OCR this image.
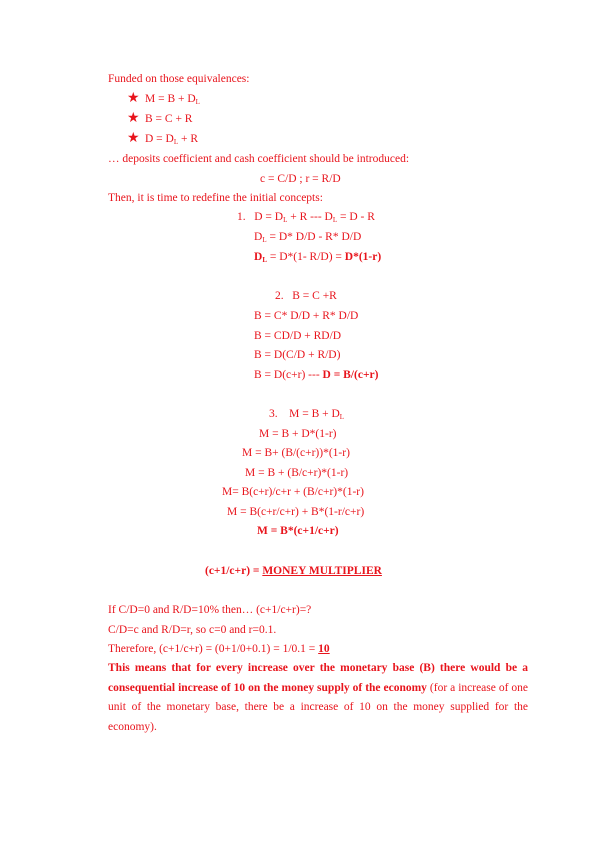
Funded on those equivalences:
★ $M = B + D_L$
★ B = C + R
★ $D = D_L + R$
… deposits coefficient and cash coefficient should be introduced:
c = C/D ; r = R/D
Then, it is time to redefine the initial concepts:
1. $D = D_L + R$ --- $D_L = D - R$
$D_L = D*$ D/D - R* D/D
$D_L = D*(1-$ R/D) = D*(1-r)
2. B = C +R
B = C* D/D + R* D/D
B = CD/D + RD/D
B = D(C/D + R/D)
B = D(c+r) --- D = B/(c+r)
3. $M = B + D_L$
M = B + D*(1-r)
M = B+ (B/(c+r))*(1-r)
M = B + (B/c+r)*(1-r)
M= B(c+r)/c+r + (B/c+r)*(1-r)
M = B(c+r/c+r) + B*(1-r/c+r)
M = B*(c+1/c+r)
(c+1/c+r) = MONEY MULTIPLIER
If C/D=0 and R/D=10% then… (c+1/c+r)=?
C/D=c and R/D=r, so c=0 and r=0.1.
Therefore, (c+1/c+r) = (0+1/0+0.1) = 1/0.1 = 10
This means that for every increase over the monetary base (B) there would be a consequential increase of 10 on the money supply of the economy (for a increase of one unit of the monetary base, there be a increase of 10 on the money supplied for the economy).
